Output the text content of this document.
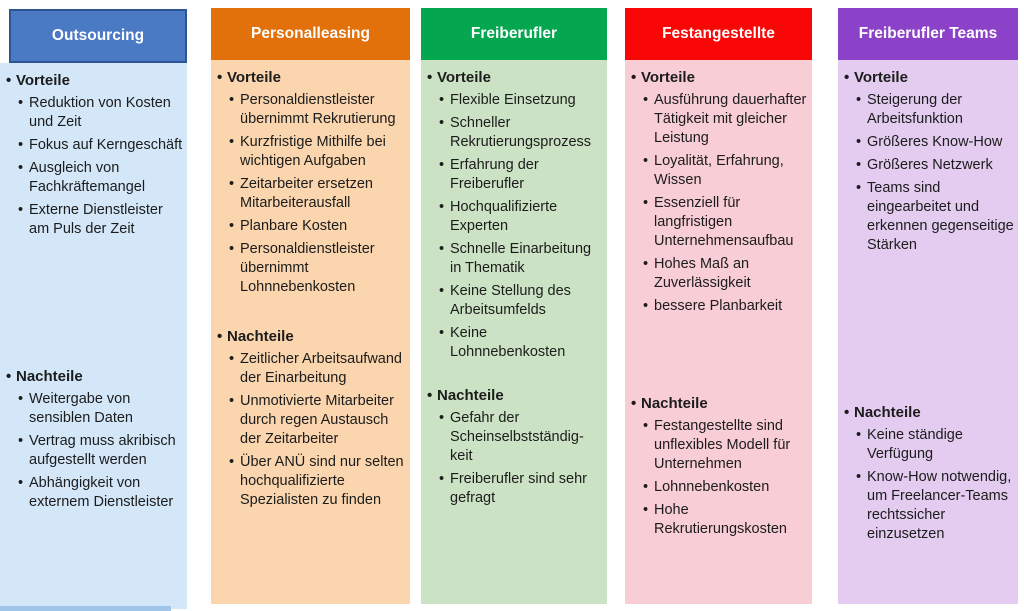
Outsourcing
• Vorteile
• Reduktion von Kosten und Zeit
• Fokus auf Kerngeschäft
• Ausgleich von Fachkräftemangel
• Externe Dienstleister am Puls der Zeit
• Nachteile
• Weitergabe von sensiblen Daten
• Vertrag muss akribisch aufgestellt werden
• Abhängigkeit von externem Dienstleister
Personalleasing
• Vorteile
• Personaldienstleister übernimmt Rekrutierung
• Kurzfristige Mithilfe bei wichtigen Aufgaben
• Zeitarbeiter ersetzen Mitarbeiterausfall
• Planbare Kosten
• Personaldienstleister übernimmt Lohnnebenkosten
• Nachteile
• Zeitlicher Arbeitsaufwand der Einarbeitung
• Unmotivierte Mitarbeiter durch regen Austausch der Zeitarbeiter
• Über ANÜ sind nur selten hochqualifizierte Spezialisten zu finden
Freiberufler
• Vorteile
• Flexible Einsetzung
• Schneller Rekrutierungsprozess
• Erfahrung der Freiberufler
• Hochqualifizierte Experten
• Schnelle Einarbeitung in Thematik
• Keine Stellung des Arbeitsumfelds
• Keine Lohnnebenkosten
• Nachteile
• Gefahr der Scheinselbstständig-keit
• Freiberufler sind sehr gefragt
Festangestellte
• Vorteile
• Ausführung dauerhafter Tätigkeit mit gleicher Leistung
• Loyalität, Erfahrung, Wissen
• Essenziell für langfristigen Unternehmensaufbau
• Hohes Maß an Zuverlässigkeit
• bessere Planbarkeit
• Nachteile
• Festangestellte sind unflexibles Modell für Unternehmen
• Lohnnebenkosten
• Hohe Rekrutierungskosten
Freiberufler Teams
• Vorteile
• Steigerung der Arbeitsfunktion
• Größeres Know-How
• Größeres Netzwerk
• Teams sind eingearbeitet und erkennen gegenseitige Stärken
• Nachteile
• Keine ständige Verfügung
• Know-How notwendig, um Freelancer-Teams rechtssicher einzusetzen
